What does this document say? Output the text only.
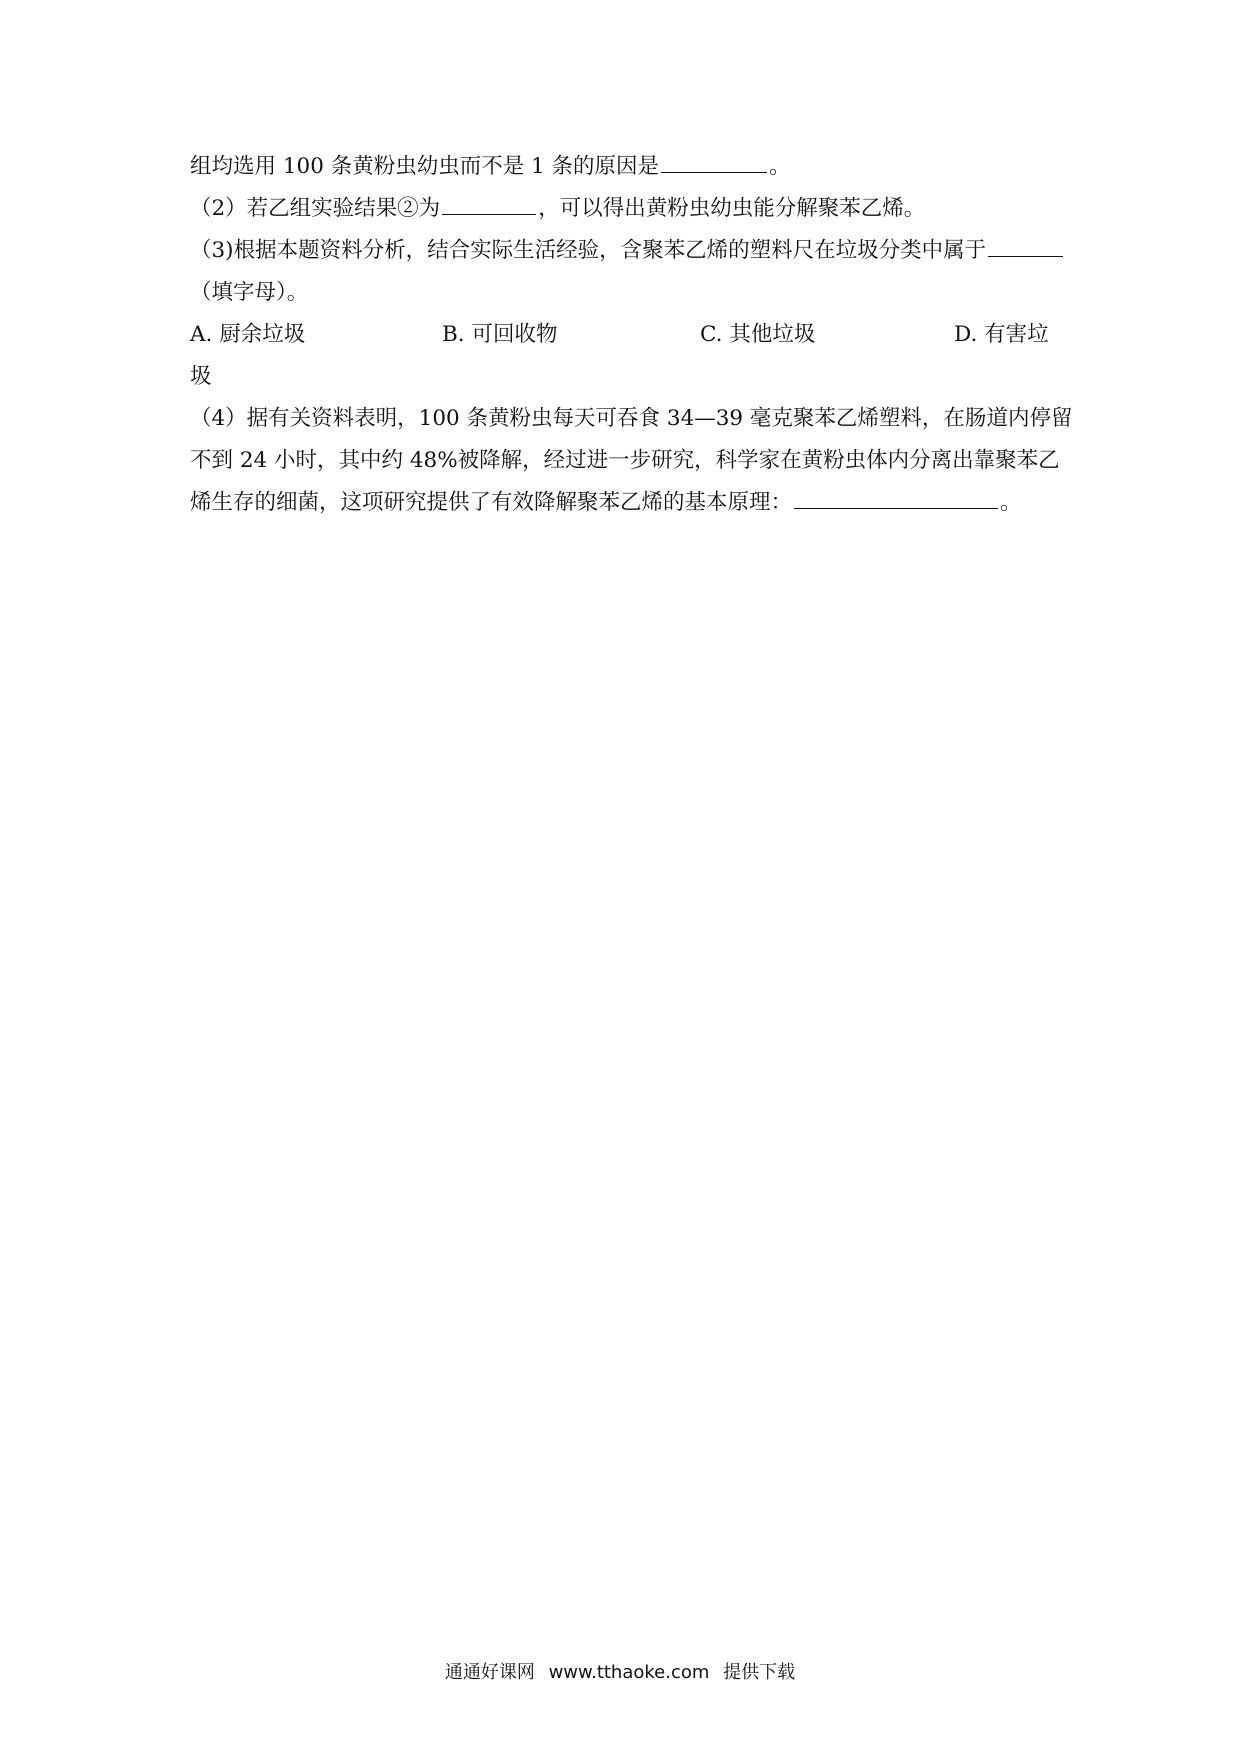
组均选用 100 条黄粉虫幼虫而不是 1 条的原因是	。
（2）若乙组实验结果②为	，可以得出黄粉虫幼虫能分解聚苯乙烯。
（3)根据本题资料分析，结合实际生活经验，含聚苯乙烯的塑料尺在垃圾分类中属于
（填字母）。
A. 厨余垃圾	B. 可回收物	C. 其他垃圾	D. 有害垃
圾
（4）据有关资料表明，100 条黄粉虫每天可吞食 34—39 毫克聚苯乙烯塑料，在肠道内停留
不到 24 小时，其中约 48%被降解，经过进一步研究，科学家在黄粉虫体内分离出靠聚苯乙
烯生存的细菌，这项研究提供了有效降解聚苯乙烯的基本原理：	。
通通好课网 www.tthaoke.com 提供下载
